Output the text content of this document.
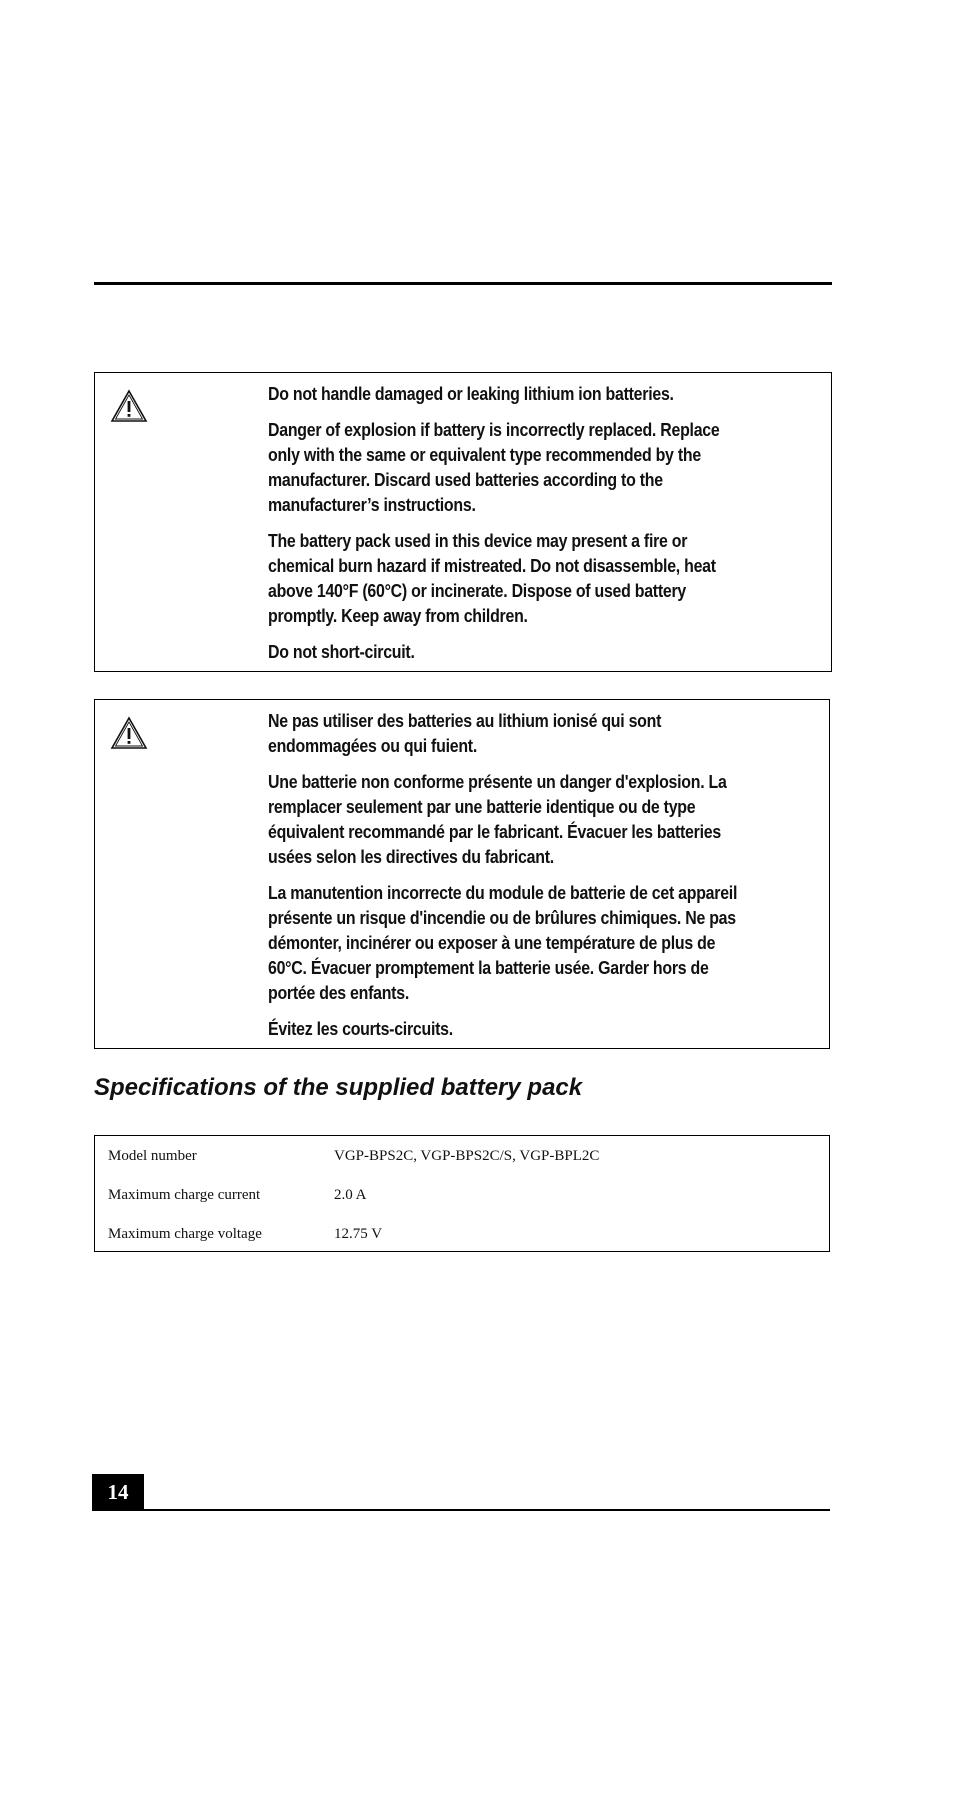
Do not handle damaged or leaking lithium ion batteries.

Danger of explosion if battery is incorrectly replaced. Replace only with the same or equivalent type recommended by the manufacturer. Discard used batteries according to the manufacturer’s instructions.

The battery pack used in this device may present a fire or chemical burn hazard if mistreated. Do not disassemble, heat above 140°F (60°C) or incinerate. Dispose of used battery promptly. Keep away from children.

Do not short-circuit.

Ne pas utiliser des batteries au lithium ionisé qui sont endommagées ou qui fuient.

Une batterie non conforme présente un danger d'explosion. La remplacer seulement par une batterie identique ou de type équivalent recommandé par le fabricant. Évacuer les batteries usées selon les directives du fabricant.

La manutention incorrecte du module de batterie de cet appareil présente un risque d'incendie ou de brûlures chimiques. Ne pas démonter, incinérer ou exposer à une température de plus de 60°C. Évacuer promptement la batterie usée. Garder hors de portée des enfants.

Évitez les courts-circuits.

Specifications of the supplied battery pack
Model number	VGP-BPS2C, VGP-BPS2C/S, VGP-BPL2C
Maximum charge current	2.0 A
Maximum charge voltage	12.75 V
14
